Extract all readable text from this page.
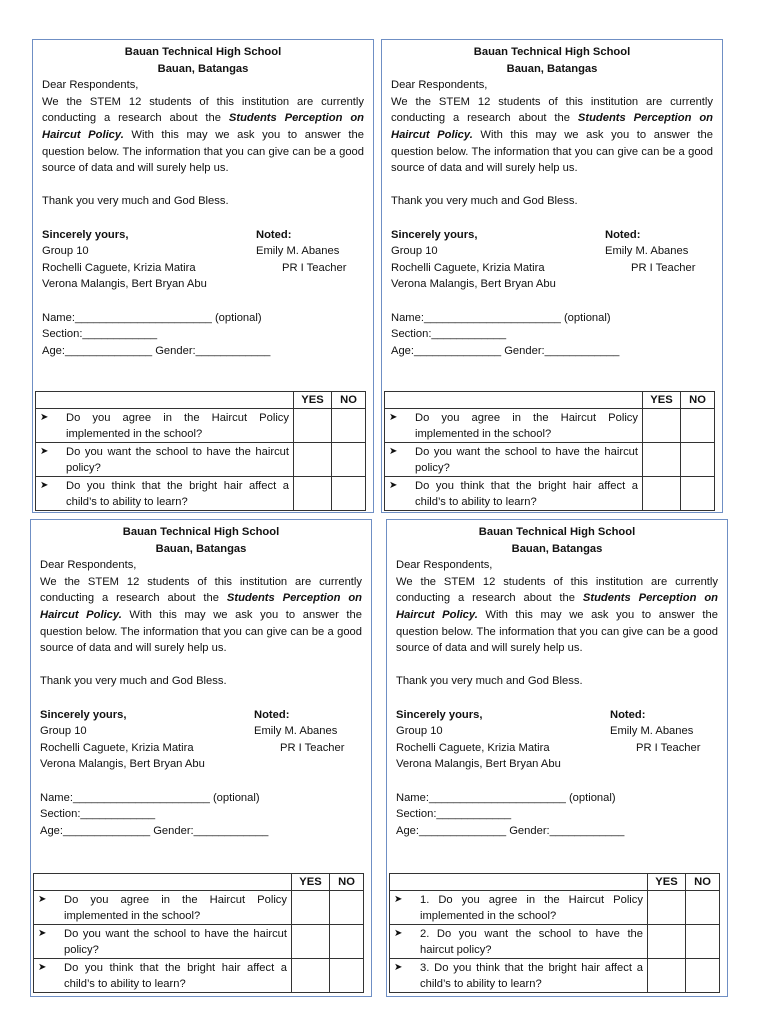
Bauan Technical High School
Bauan, Batangas
Dear Respondents,
We the STEM 12 students of this institution are currently conducting a research about the Students Perception on Haircut Policy. With this may we ask you to answer the question below. The information that you can give can be a good source of data and will surely help us.
Thank you very much and God Bless.
Sincerely yours,	Noted:
Group 10	Emily M. Abanes
Rochelli Caguete, Krizia Matira	PR I Teacher
Verona Malangis, Bert Bryan Abu
Name:______________________ (optional)
Section:____________
Age:______________ Gender:____________
	YES	NO

➤ Do you agree in the Haircut Policy implemented in the school?		

➤ Do you want the school to have the haircut policy?		

➤ Do you think that the bright hair affect a child’s to ability to learn?		

Bauan Technical High School
Bauan, Batangas
Dear Respondents,
We the STEM 12 students of this institution are currently conducting a research about the Students Perception on Haircut Policy. With this may we ask you to answer the question below. The information that you can give can be a good source of data and will surely help us.
Thank you very much and God Bless.
Sincerely yours,	Noted:
Group 10	Emily M. Abanes
Rochelli Caguete, Krizia Matira	PR I Teacher
Verona Malangis, Bert Bryan Abu
Name:______________________ (optional)
Section:____________
Age:______________ Gender:____________
	YES	NO

➤ Do you agree in the Haircut Policy implemented in the school?		

➤ Do you want the school to have the haircut policy?		

➤ Do you think that the bright hair affect a child’s to ability to learn?		

Bauan Technical High School
Bauan, Batangas
Dear Respondents,
We the STEM 12 students of this institution are currently conducting a research about the Students Perception on Haircut Policy. With this may we ask you to answer the question below. The information that you can give can be a good source of data and will surely help us.
Thank you very much and God Bless.
Sincerely yours,	Noted:
Group 10	Emily M. Abanes
Rochelli Caguete, Krizia Matira	PR I Teacher
Verona Malangis, Bert Bryan Abu
Name:______________________ (optional)
Section:____________
Age:______________ Gender:____________
	YES	NO

➤ Do you agree in the Haircut Policy implemented in the school?		

➤ Do you want the school to have the haircut policy?		

➤ Do you think that the bright hair affect a child’s to ability to learn?		

Bauan Technical High School
Bauan, Batangas
Dear Respondents,
We the STEM 12 students of this institution are currently conducting a research about the Students Perception on Haircut Policy. With this may we ask you to answer the question below. The information that you can give can be a good source of data and will surely help us.
Thank you very much and God Bless.
Sincerely yours,	Noted:
Group 10	Emily M. Abanes
Rochelli Caguete, Krizia Matira	PR I Teacher
Verona Malangis, Bert Bryan Abu
Name:______________________ (optional)
Section:____________
Age:______________ Gender:____________
	YES	NO

➤ 1. Do you agree in the Haircut Policy implemented in the school?		

➤ 2. Do you want the school to have the haircut policy?		

➤ 3. Do you think that the bright hair affect a child’s to ability to learn?		
